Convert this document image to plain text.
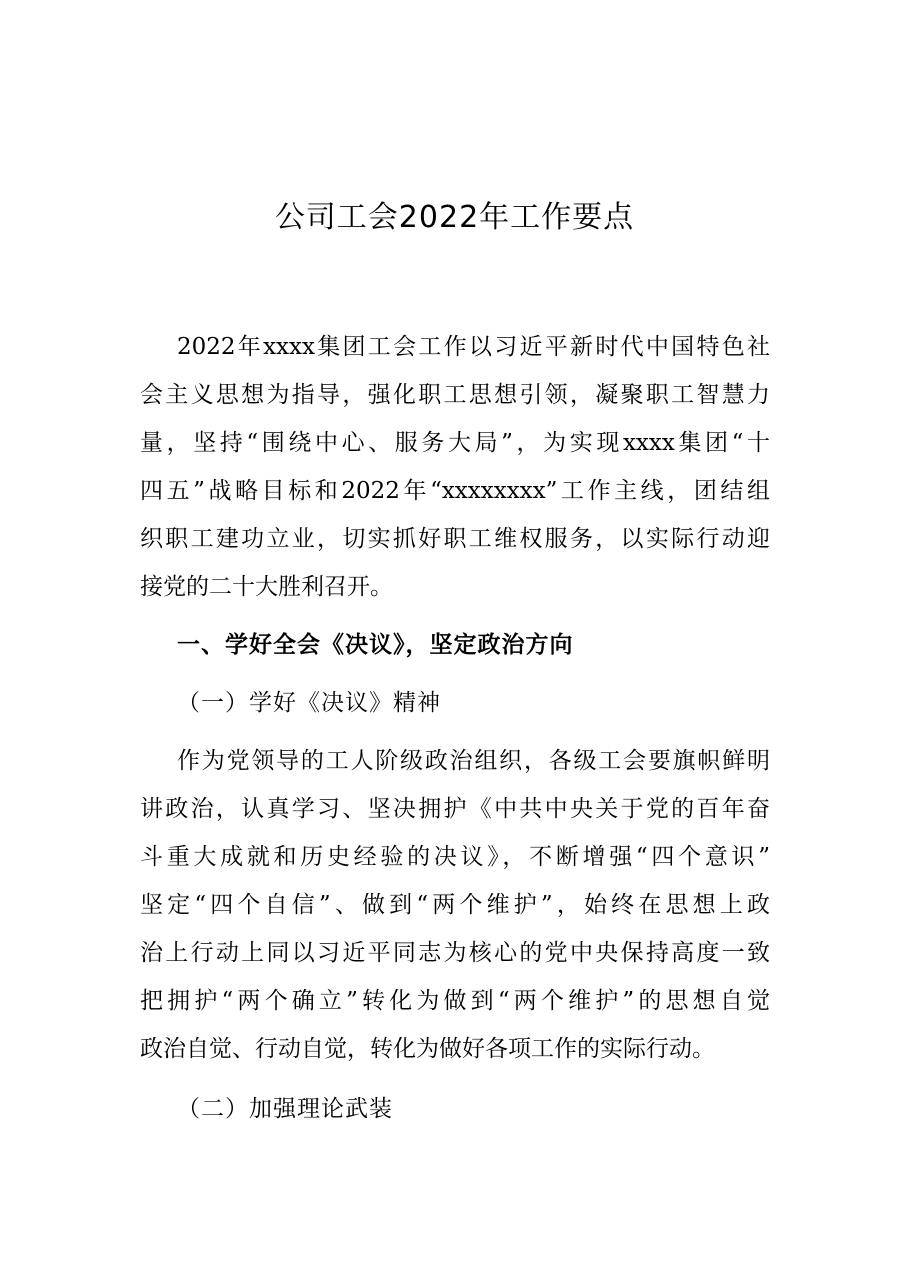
公司工会2022年工作要点
2022年xxxx集团工会工作以习近平新时代中国特色社
会主义思想为指导，强化职工思想引领，凝聚职工智慧力
量，坚持“围绕中心、服务大局”，为实现xxxx集团“十
四五”战略目标和2022年“xxxxxxxx”工作主线，团结组
织职工建功立业，切实抓好职工维权服务，以实际行动迎
接党的二十大胜利召开。
一、学好全会《决议》，坚定政治方向
（一）学好《决议》精神
作为党领导的工人阶级政治组织，各级工会要旗帜鲜明
讲政治，认真学习、坚决拥护《中共中央关于党的百年奋
斗重大成就和历史经验的决议》，不断增强“四个意识”
坚定“四个自信”、做到“两个维护”，始终在思想上政
治上行动上同以习近平同志为核心的党中央保持高度一致
把拥护“两个确立”转化为做到“两个维护”的思想自觉
政治自觉、行动自觉，转化为做好各项工作的实际行动。
（二）加强理论武装
